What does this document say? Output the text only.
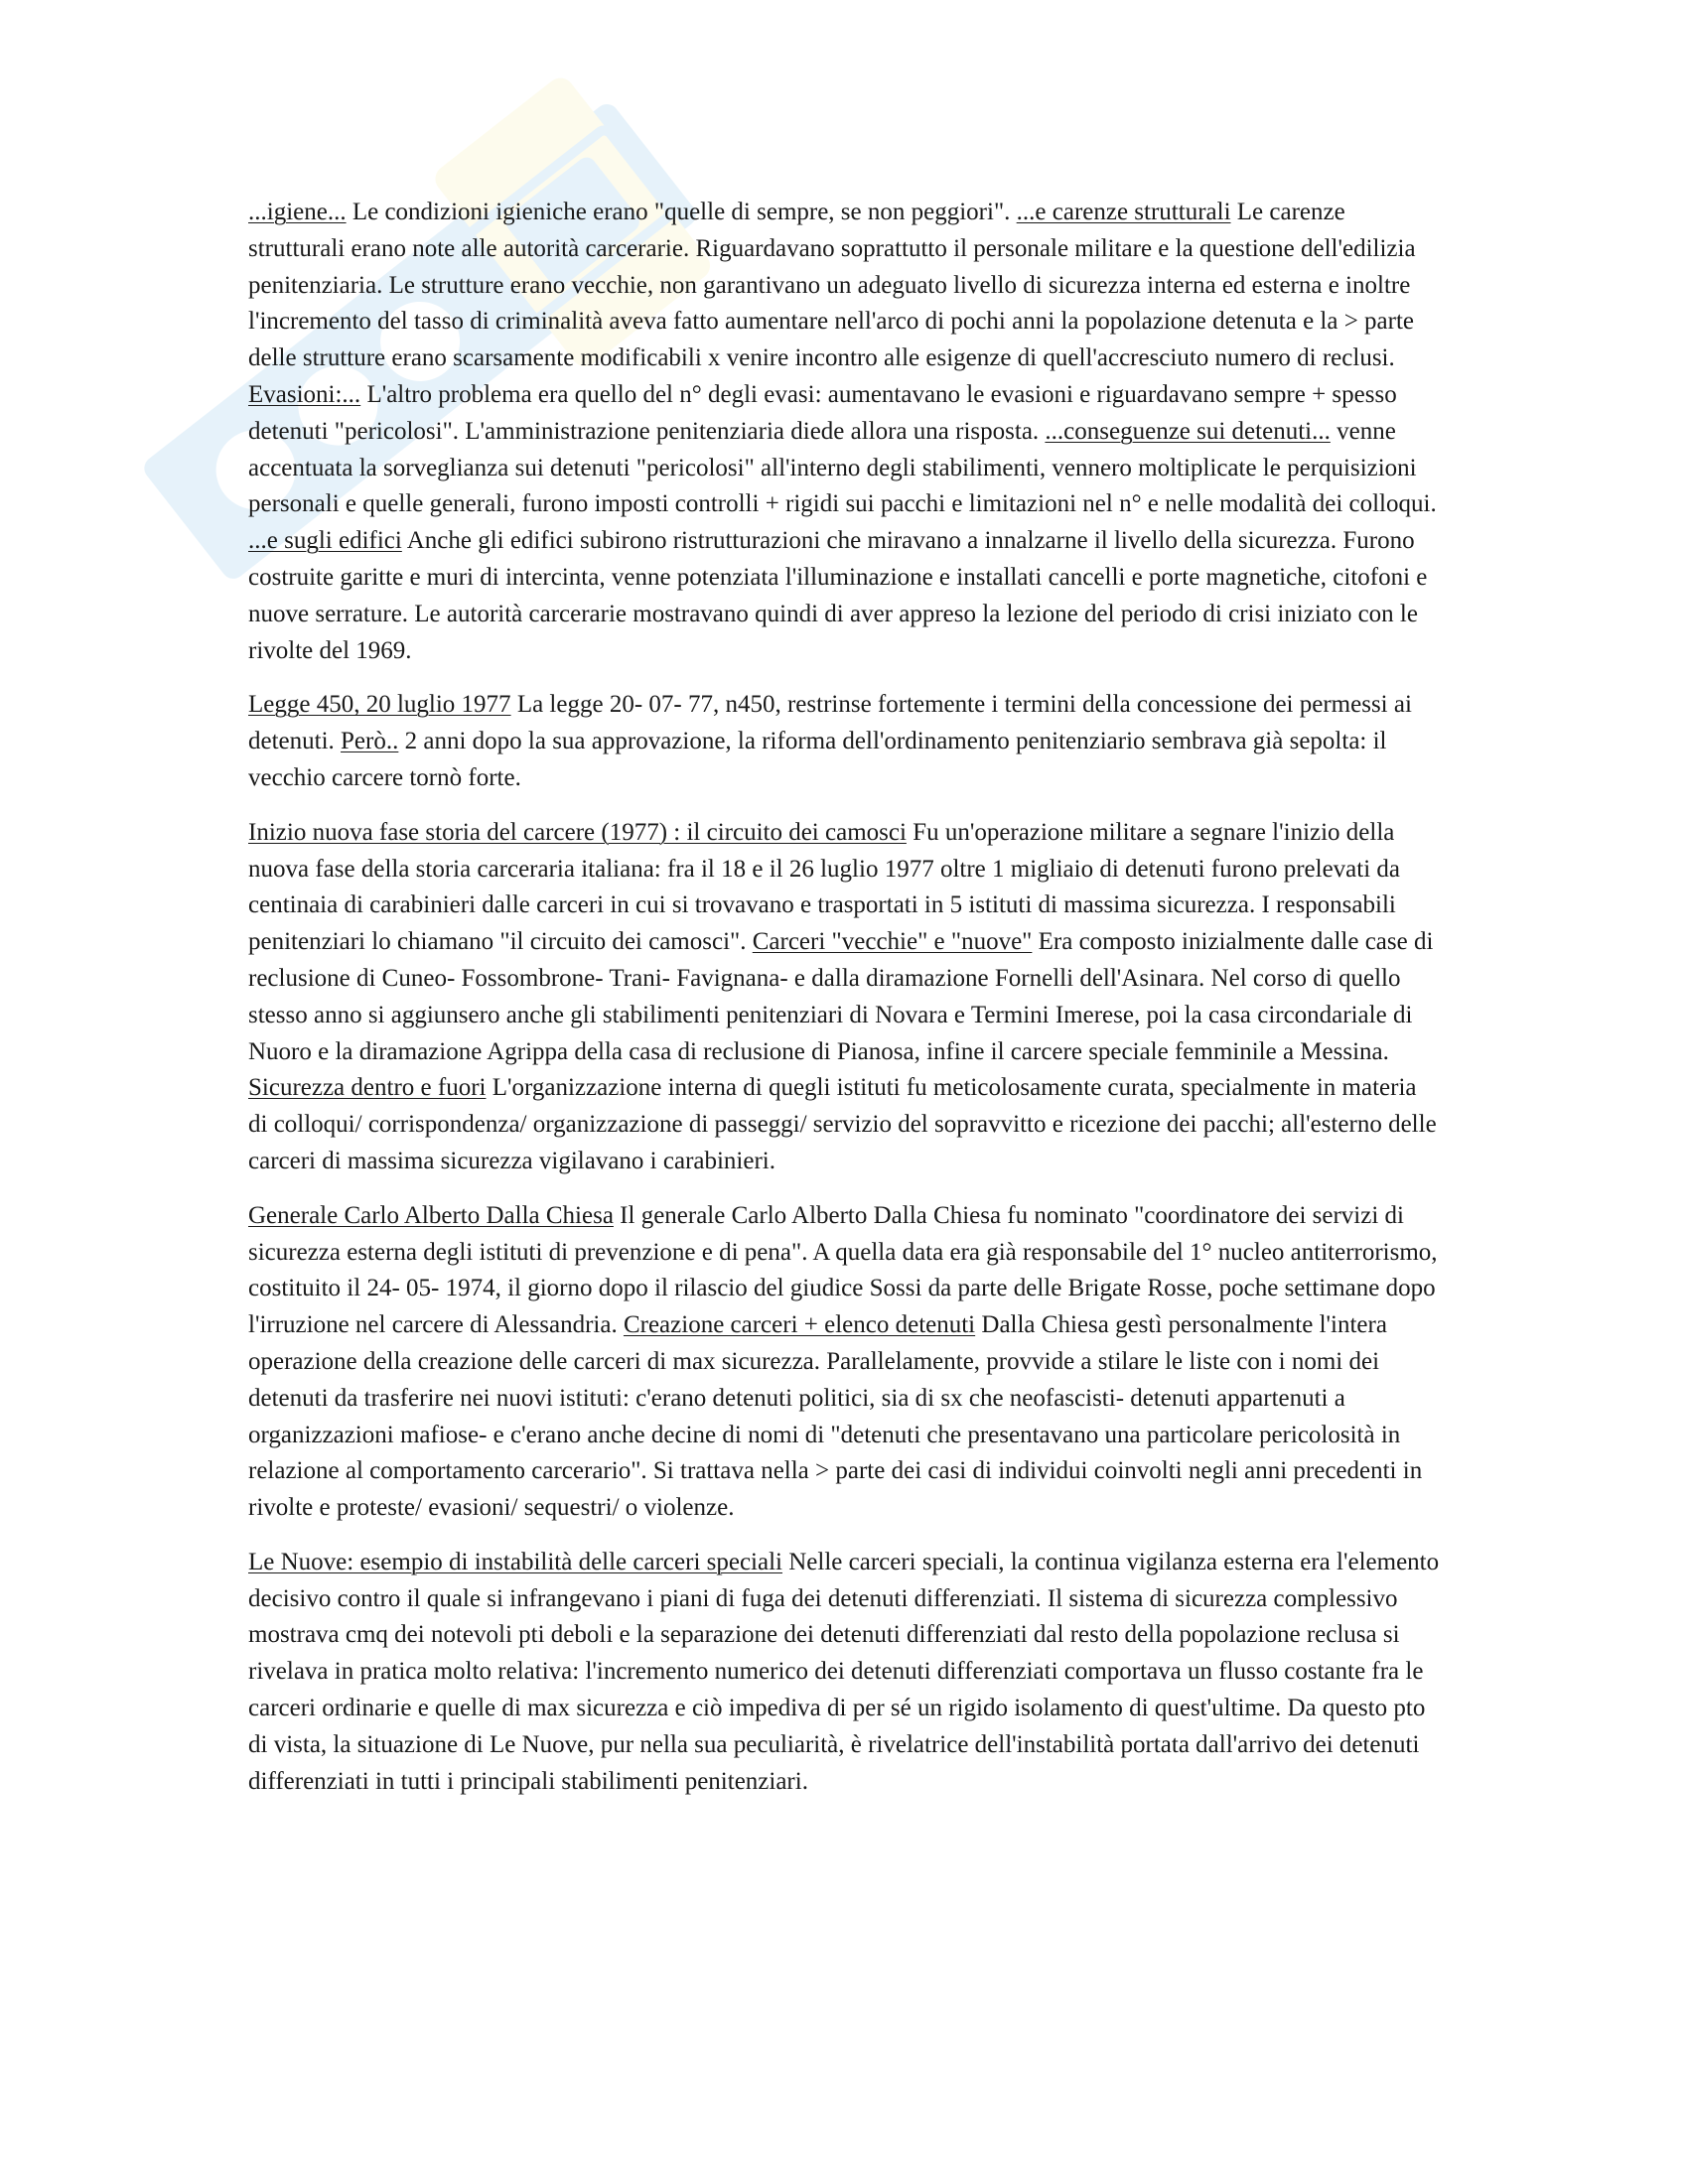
...igiene... Le condizioni igieniche erano "quelle di sempre, se non peggiori". ...e carenze strutturali Le carenze strutturali erano note alle autorità carcerarie. Riguardavano soprattutto il personale militare e la questione dell'edilizia penitenziaria. Le strutture erano vecchie, non garantivano un adeguato livello di sicurezza interna ed esterna e inoltre l'incremento del tasso di criminalità aveva fatto aumentare nell'arco di pochi anni la popolazione detenuta e la > parte delle strutture erano scarsamente modificabili x venire incontro alle esigenze di quell'accresciuto numero di reclusi.
Evasioni:... L'altro problema era quello del n° degli evasi: aumentavano le evasioni e riguardavano sempre + spesso detenuti "pericolosi". L'amministrazione penitenziaria diede allora una risposta. ...conseguenze sui detenuti... venne accentuata la sorveglianza sui detenuti "pericolosi" all'interno degli stabilimenti, vennero moltiplicate le perquisizioni personali e quelle generali, furono imposti controlli + rigidi sui pacchi e limitazioni nel n° e nelle modalità dei colloqui. ...e sugli edifici Anche gli edifici subirono ristrutturazioni che miravano a innalzarne il livello della sicurezza. Furono costruite garitte e muri di intercinta, venne potenziata l'illuminazione e installati cancelli e porte magnetiche, citofoni e nuove serrature. Le autorità carcerarie mostravano quindi di aver appreso la lezione del periodo di crisi iniziato con le rivolte del 1969.

Legge 450, 20 luglio 1977 La legge 20- 07- 77, n450, restrinse fortemente i termini della concessione dei permessi ai detenuti. Però.. 2 anni dopo la sua approvazione, la riforma dell'ordinamento penitenziario sembrava già sepolta: il vecchio carcere tornò forte.

Inizio nuova fase storia del carcere (1977) : il circuito dei camosci Fu un'operazione militare a segnare l'inizio della nuova fase della storia carceraria italiana: fra il 18 e il 26 luglio 1977 oltre 1 migliaio di detenuti furono prelevati da centinaia di carabinieri dalle carceri in cui si trovavano e trasportati in 5 istituti di massima sicurezza. I responsabili penitenziari lo chiamano "il circuito dei camosci". Carceri "vecchie" e "nuove" Era composto inizialmente dalle case di reclusione di Cuneo- Fossombrone- Trani- Favignana- e dalla diramazione Fornelli dell'Asinara. Nel corso di quello stesso anno si aggiunsero anche gli stabilimenti penitenziari di Novara e Termini Imerese, poi la casa circondariale di Nuoro e la diramazione Agrippa della casa di reclusione di Pianosa, infine il carcere speciale femminile a Messina. Sicurezza dentro e fuori L'organizzazione interna di quegli istituti fu meticolosamente curata, specialmente in materia di colloqui/ corrispondenza/ organizzazione di passeggi/ servizio del sopravvitto e ricezione dei pacchi; all'esterno delle carceri di massima sicurezza vigilavano i carabinieri.

Generale Carlo Alberto Dalla Chiesa Il generale Carlo Alberto Dalla Chiesa fu nominato "coordinatore dei servizi di sicurezza esterna degli istituti di prevenzione e di pena". A quella data era già responsabile del 1° nucleo antiterrorismo, costituito il 24- 05- 1974, il giorno dopo il rilascio del giudice Sossi da parte delle Brigate Rosse, poche settimane dopo l'irruzione nel carcere di Alessandria. Creazione carceri + elenco detenuti Dalla Chiesa gestì personalmente l'intera operazione della creazione delle carceri di max sicurezza. Parallelamente, provvide a stilare le liste con i nomi dei detenuti da trasferire nei nuovi istituti: c'erano detenuti politici, sia di sx che neofascisti- detenuti appartenuti a organizzazioni mafiose- e c'erano anche decine di nomi di "detenuti che presentavano una particolare pericolosità in relazione al comportamento carcerario". Si trattava nella > parte dei casi di individui coinvolti negli anni precedenti in rivolte e proteste/ evasioni/ sequestri/ o violenze.

Le Nuove: esempio di instabilità delle carceri speciali Nelle carceri speciali, la continua vigilanza esterna era l'elemento decisivo contro il quale si infrangevano i piani di fuga dei detenuti differenziati. Il sistema di sicurezza complessivo mostrava cmq dei notevoli pti deboli e la separazione dei detenuti differenziati dal resto della popolazione reclusa si rivelava in pratica molto relativa: l'incremento numerico dei detenuti differenziati comportava un flusso costante fra le carceri ordinarie e quelle di max sicurezza e ciò impediva di per sé un rigido isolamento di quest'ultime. Da questo pto di vista, la situazione di Le Nuove, pur nella sua peculiarità, è rivelatrice dell'instabilità portata dall'arrivo dei detenuti differenziati in tutti i principali stabilimenti penitenziari.
